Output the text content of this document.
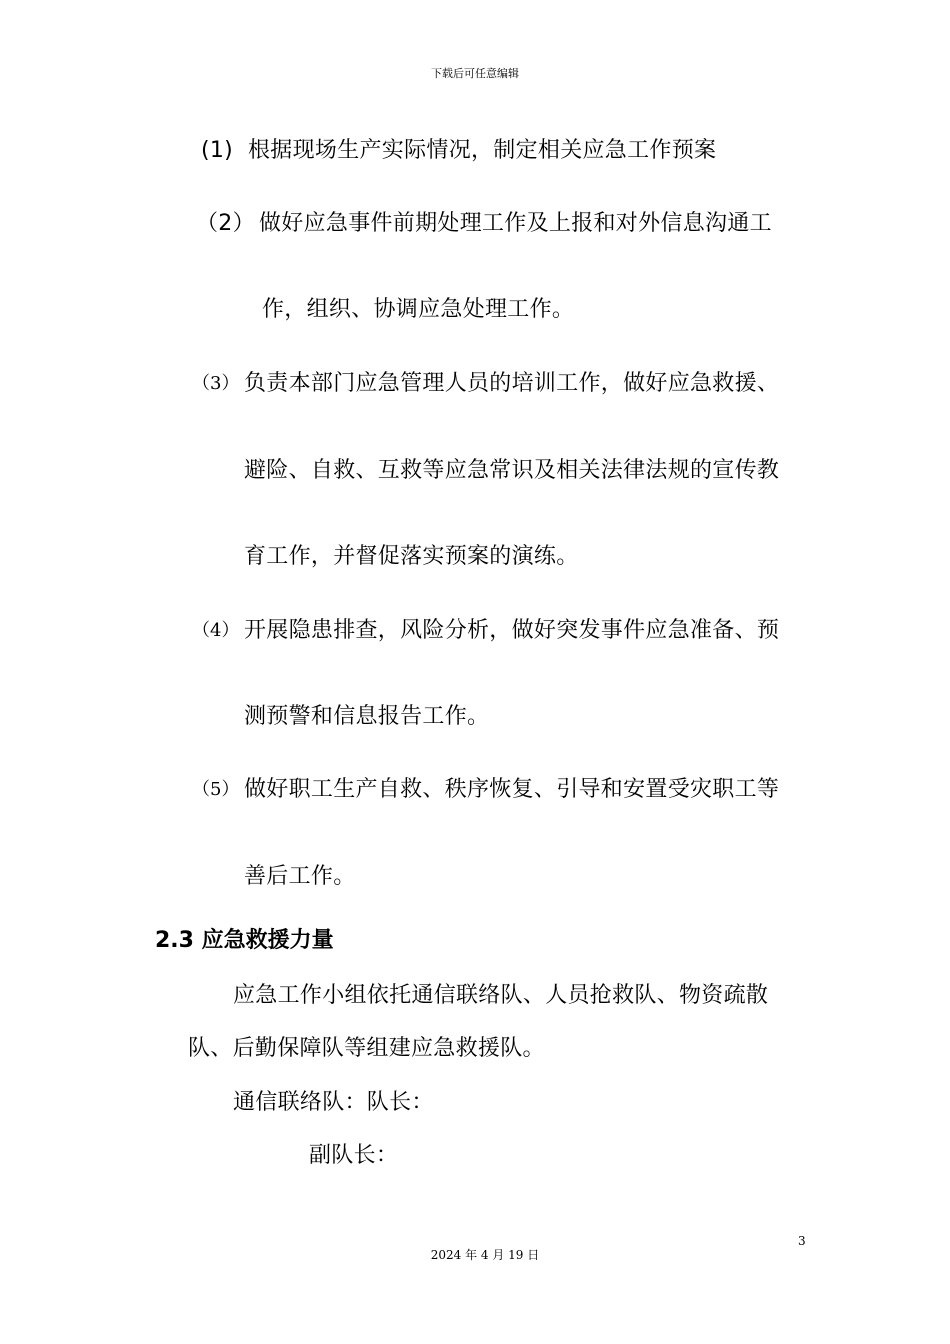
下载后可任意编辑
(1) 根据现场生产实际情况，制定相关应急工作预案
（2） 做好应急事件前期处理工作及上报和对外信息沟通工
作，组织、协调应急处理工作。
（3） 负责本部门应急管理人员的培训工作，做好应急救援、
避险、自救、互救等应急常识及相关法律法规的宣传教
育工作，并督促落实预案的演练。
（4） 开展隐患排查，风险分析，做好突发事件应急准备、预
测预警和信息报告工作。
（5） 做好职工生产自救、秩序恢复、引导和安置受灾职工等
善后工作。
2.3 应急救援力量
应急工作小组依托通信联络队、人员抢救队、物资疏散
队、后勤保障队等组建应急救援队。
通信联络队：队长：
副队长：
3
2024 年 4 月 19 日
